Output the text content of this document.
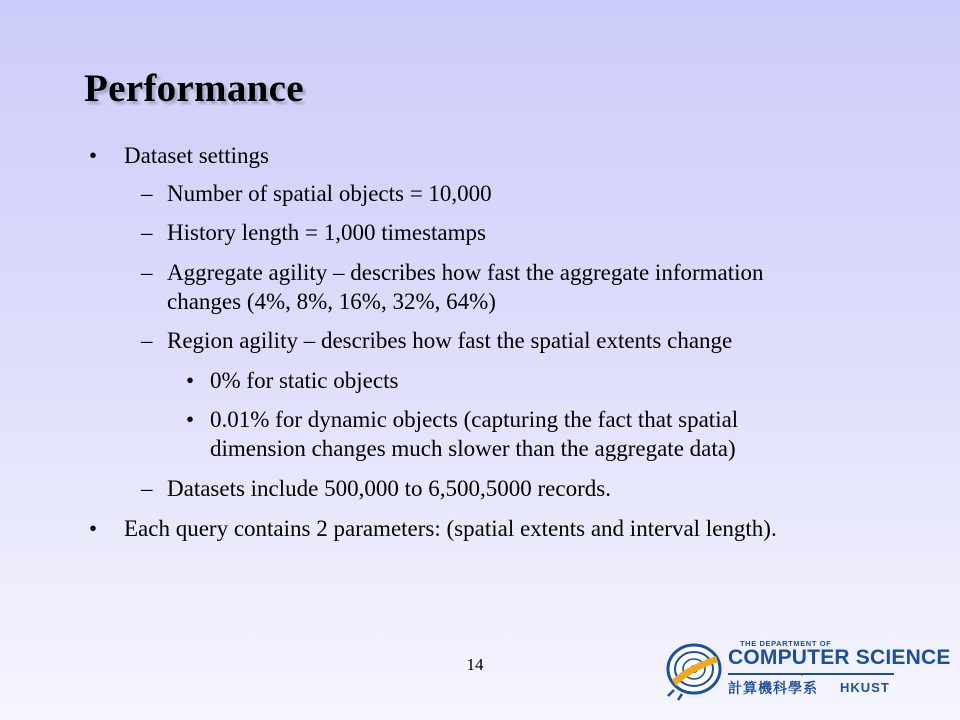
Performance
• Dataset settings
– Number of spatial objects = 10,000
– History length = 1,000 timestamps
– Aggregate agility – describes how fast the aggregate information
changes (4%, 8%, 16%, 32%, 64%)
– Region agility – describes how fast the spatial extents change
• 0% for static objects
• 0.01% for dynamic objects (capturing the fact that spatial
dimension changes much slower than the aggregate data)
– Datasets include 500,000 to 6,500,5000 records.
• Each query contains 2 parameters: (spatial extents and interval length).
14
THE DEPARTMENT OF
COMPUTER SCIENCE
計算機科學系 HKUST
